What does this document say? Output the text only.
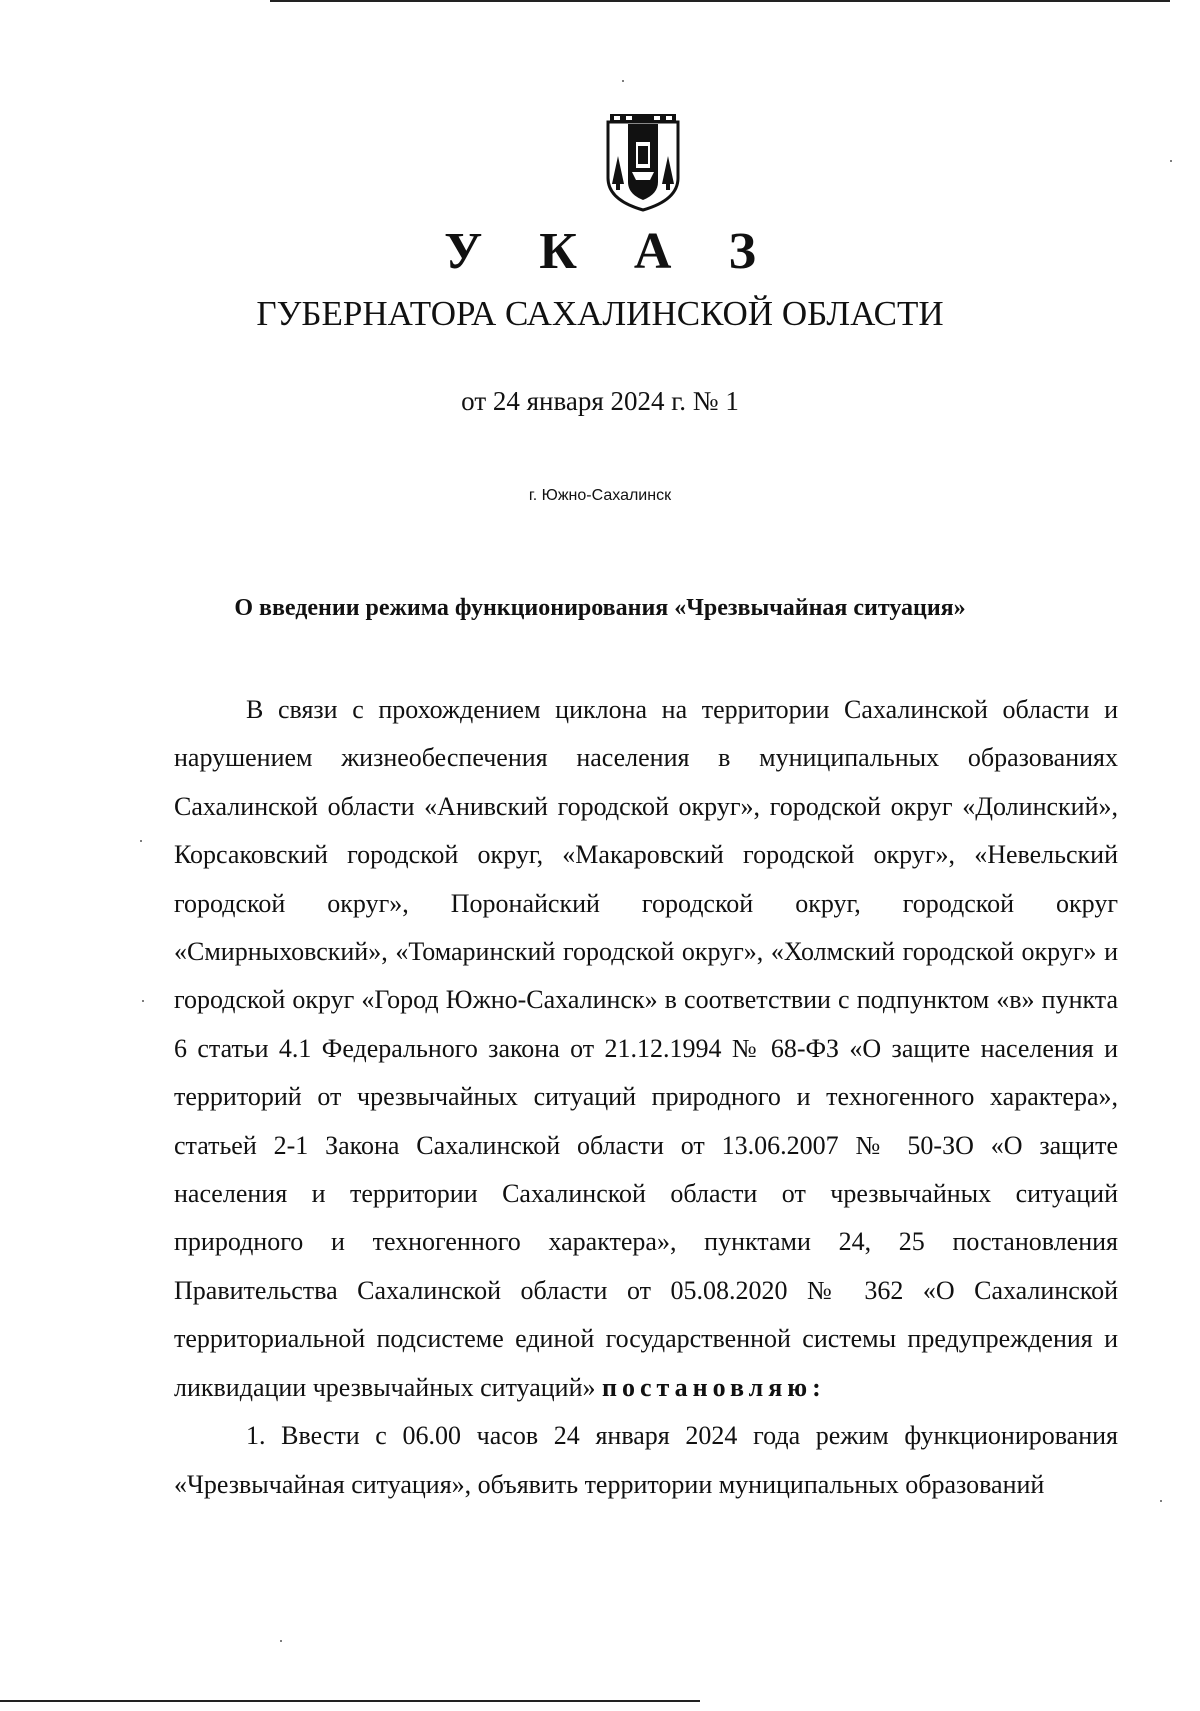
У К А З
ГУБЕРНАТОРА САХАЛИНСКОЙ ОБЛАСТИ
от 24 января 2024 г. № 1
г. Южно-Сахалинск
О введении режима функционирования «Чрезвычайная ситуация»

В связи с прохождением циклона на территории Сахалинской области и нарушением жизнеобеспечения населения в муниципальных образованиях Сахалинской области «Анивский городской округ», городской округ «Долинский», Корсаковский городской округ, «Макаровский городской округ», «Невельский городской округ», Поронайский городской округ, городской округ «Смирныховский», «Томаринский городской округ», «Холмский городской округ» и городской округ «Город Южно-Сахалинск» в соответствии с подпунктом «в» пункта 6 статьи 4.1 Федерального закона от 21.12.1994 № 68-ФЗ «О защите населения и территорий от чрезвычайных ситуаций природного и техногенного характера», статьей 2-1 Закона Сахалинской области от 13.06.2007 № 50-ЗО «О защите населения и территории Сахалинской области от чрезвычайных ситуаций природного и техногенного характера», пунктами 24, 25 постановления Правительства Сахалинской области от 05.08.2020 № 362 «О Сахалинской территориальной подсистеме единой государственной системы предупреждения и ликвидации чрезвычайных ситуаций» постановляю:

1. Ввести с 06.00 часов 24 января 2024 года режим функционирования «Чрезвычайная ситуация», объявить территории муниципальных образований
